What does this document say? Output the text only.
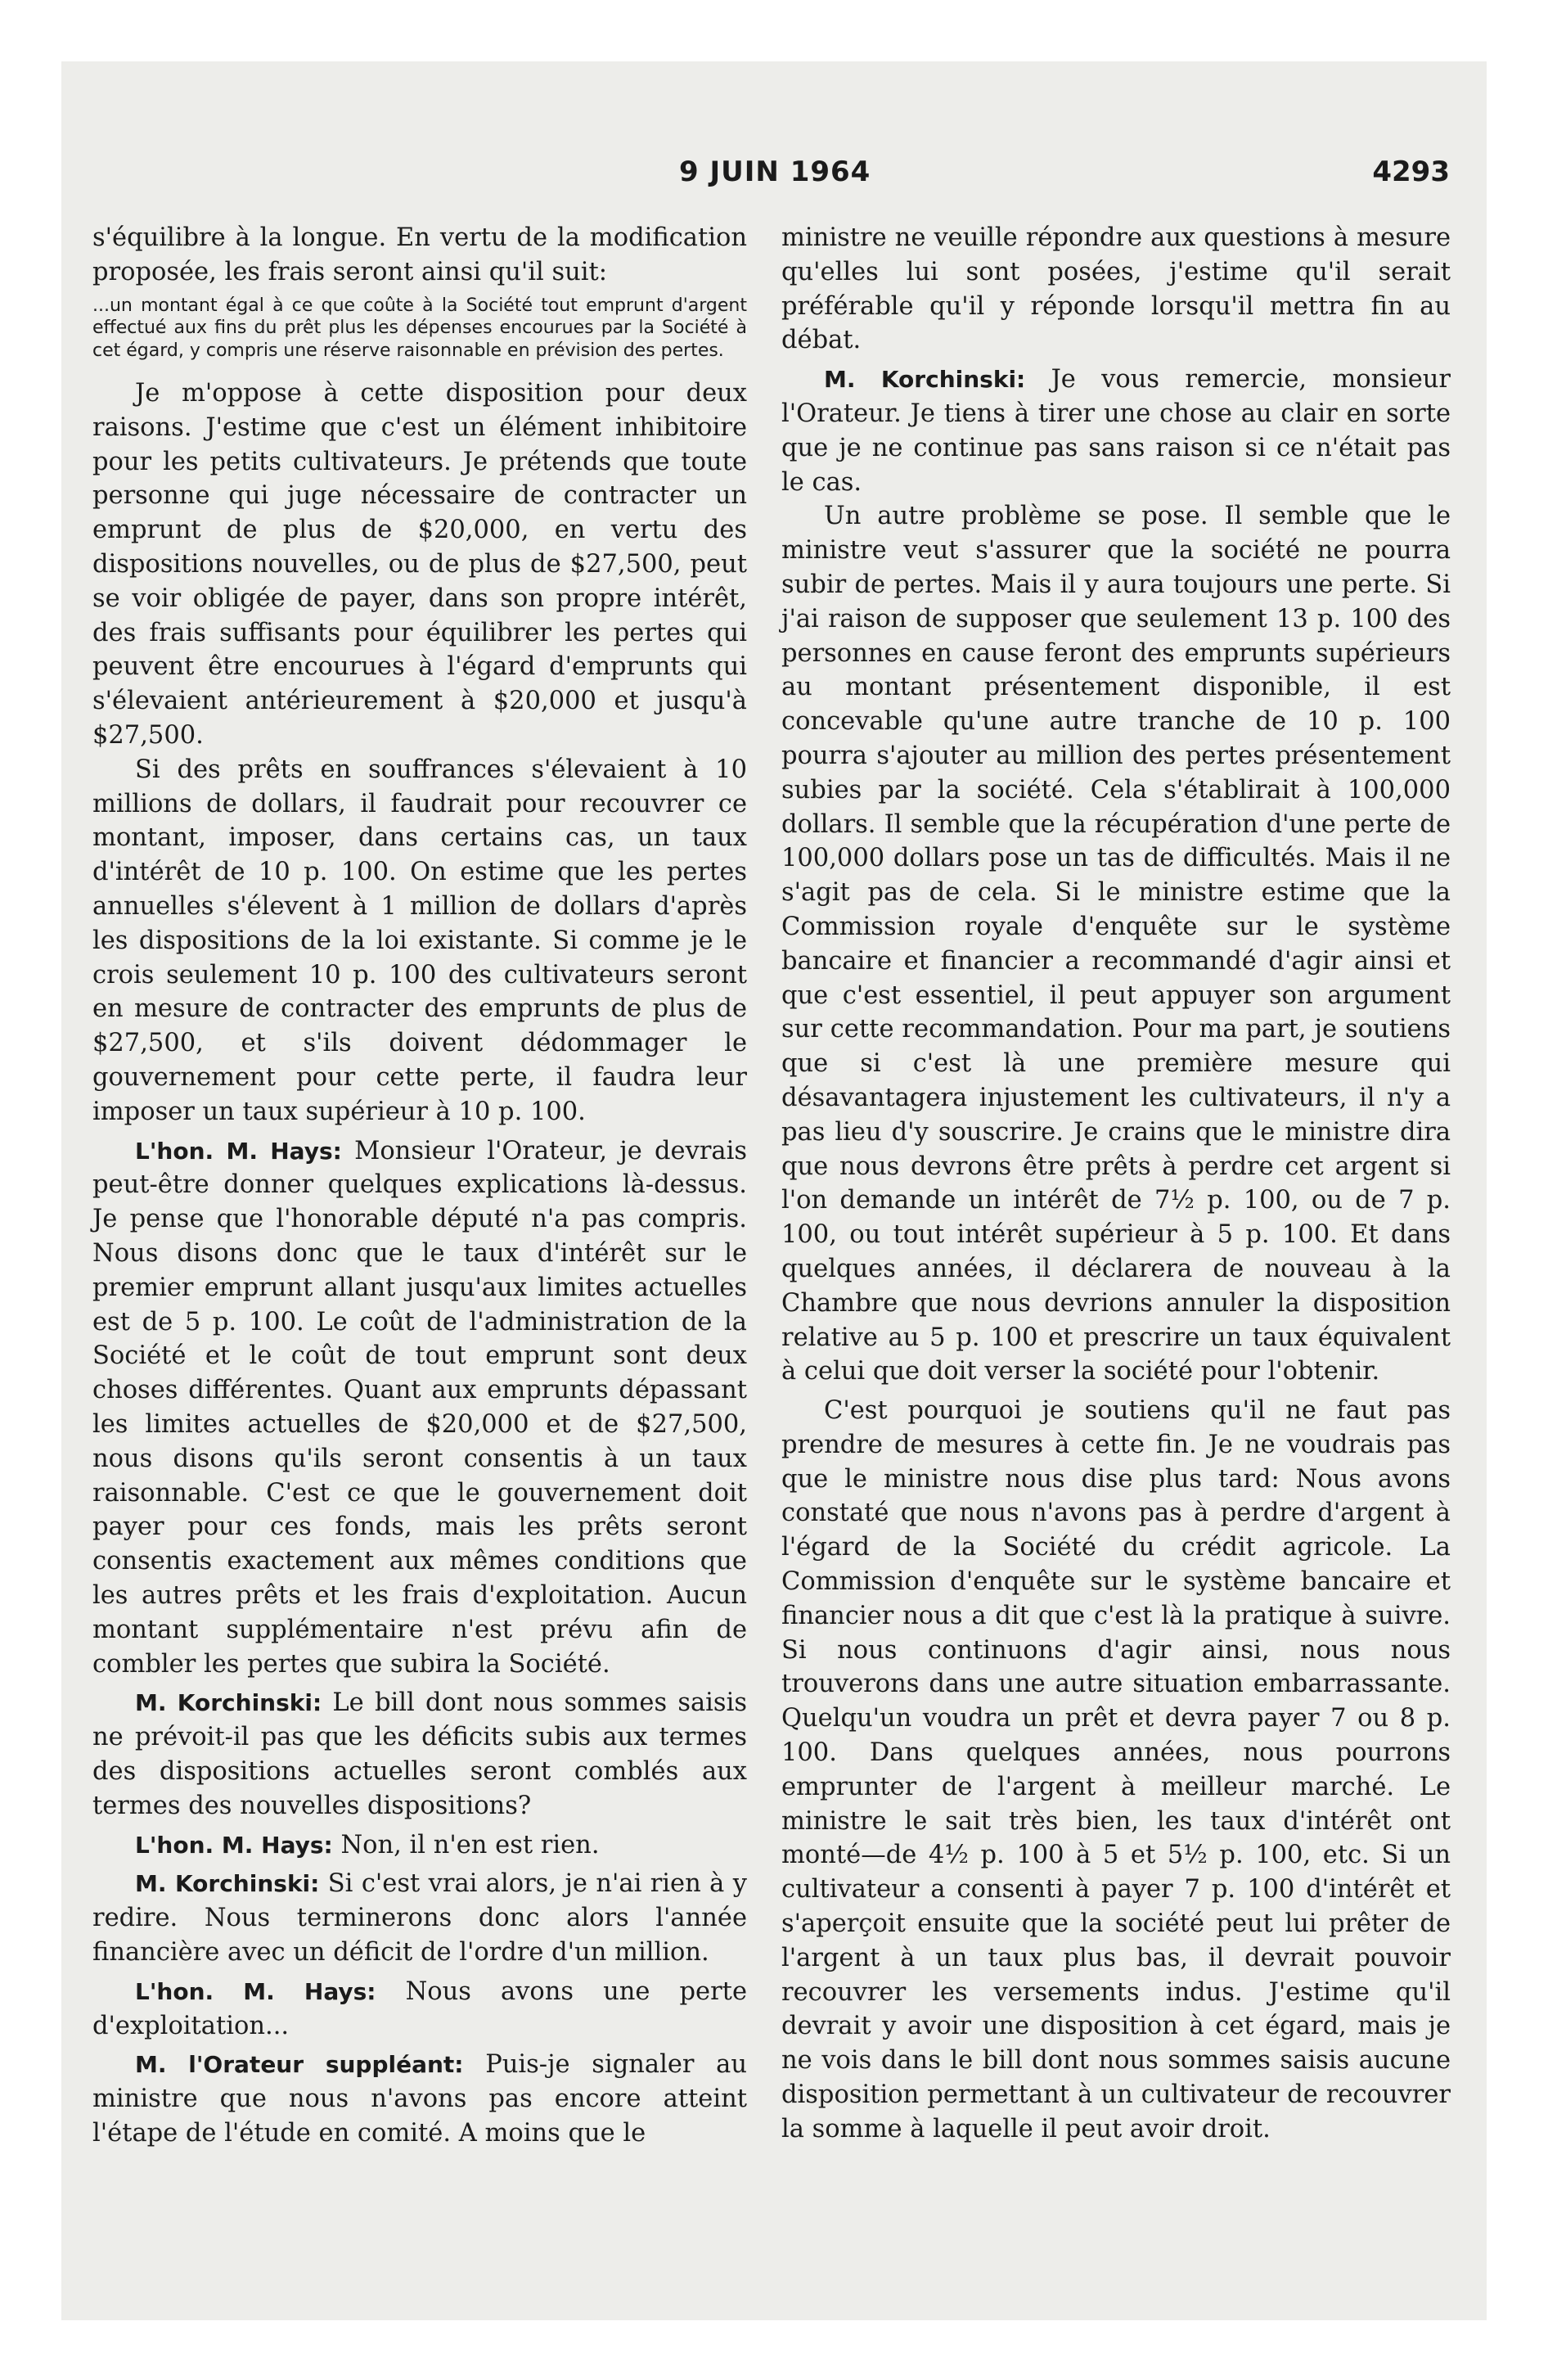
9 JUIN 1964	4293

s'équilibre à la longue. En vertu de la modification proposée, les frais seront ainsi qu'il suit:

...un montant égal à ce que coûte à la Société tout emprunt d'argent effectué aux fins du prêt plus les dépenses encourues par la Société à cet égard, y compris une réserve raisonnable en prévision des pertes.

Je m'oppose à cette disposition pour deux raisons. J'estime que c'est un élément inhibitoire pour les petits cultivateurs. Je prétends que toute personne qui juge nécessaire de contracter un emprunt de plus de $20,000, en vertu des dispositions nouvelles, ou de plus de $27,500, peut se voir obligée de payer, dans son propre intérêt, des frais suffisants pour équilibrer les pertes qui peuvent être encourues à l'égard d'emprunts qui s'élevaient antérieurement à $20,000 et jusqu'à $27,500.

Si des prêts en souffrances s'élevaient à 10 millions de dollars, il faudrait pour recouvrer ce montant, imposer, dans certains cas, un taux d'intérêt de 10 p. 100. On estime que les pertes annuelles s'élevent à 1 million de dollars d'après les dispositions de la loi existante. Si comme je le crois seulement 10 p. 100 des cultivateurs seront en mesure de contracter des emprunts de plus de $27,500, et s'ils doivent dédommager le gouvernement pour cette perte, il faudra leur imposer un taux supérieur à 10 p. 100.

L'hon. M. Hays: Monsieur l'Orateur, je devrais peut-être donner quelques explications là-dessus. Je pense que l'honorable député n'a pas compris. Nous disons donc que le taux d'intérêt sur le premier emprunt allant jusqu'aux limites actuelles est de 5 p. 100. Le coût de l'administration de la Société et le coût de tout emprunt sont deux choses différentes. Quant aux emprunts dépassant les limites actuelles de $20,000 et de $27,500, nous disons qu'ils seront consentis à un taux raisonnable. C'est ce que le gouvernement doit payer pour ces fonds, mais les prêts seront consentis exactement aux mêmes conditions que les autres prêts et les frais d'exploitation. Aucun montant supplémentaire n'est prévu afin de combler les pertes que subira la Société.

M. Korchinski: Le bill dont nous sommes saisis ne prévoit-il pas que les déficits subis aux termes des dispositions actuelles seront comblés aux termes des nouvelles dispositions?

L'hon. M. Hays: Non, il n'en est rien.

M. Korchinski: Si c'est vrai alors, je n'ai rien à y redire. Nous terminerons donc alors l'année financière avec un déficit de l'ordre d'un million.

L'hon. M. Hays: Nous avons une perte d'exploitation...

M. l'Orateur suppléant: Puis-je signaler au ministre que nous n'avons pas encore atteint l'étape de l'étude en comité. A moins que le

ministre ne veuille répondre aux questions à mesure qu'elles lui sont posées, j'estime qu'il serait préférable qu'il y réponde lorsqu'il mettra fin au débat.

M. Korchinski: Je vous remercie, monsieur l'Orateur. Je tiens à tirer une chose au clair en sorte que je ne continue pas sans raison si ce n'était pas le cas.

Un autre problème se pose. Il semble que le ministre veut s'assurer que la société ne pourra subir de pertes. Mais il y aura toujours une perte. Si j'ai raison de supposer que seulement 13 p. 100 des personnes en cause feront des emprunts supérieurs au montant présentement disponible, il est concevable qu'une autre tranche de 10 p. 100 pourra s'ajouter au million des pertes présentement subies par la société. Cela s'établirait à 100,000 dollars. Il semble que la récupération d'une perte de 100,000 dollars pose un tas de difficultés. Mais il ne s'agit pas de cela. Si le ministre estime que la Commission royale d'enquête sur le système bancaire et financier a recommandé d'agir ainsi et que c'est essentiel, il peut appuyer son argument sur cette recommandation. Pour ma part, je soutiens que si c'est là une première mesure qui désavantagera injustement les cultivateurs, il n'y a pas lieu d'y souscrire. Je crains que le ministre dira que nous devrons être prêts à perdre cet argent si l'on demande un intérêt de 7½ p. 100, ou de 7 p. 100, ou tout intérêt supérieur à 5 p. 100. Et dans quelques années, il déclarera de nouveau à la Chambre que nous devrions annuler la disposition relative au 5 p. 100 et prescrire un taux équivalent à celui que doit verser la société pour l'obtenir.

C'est pourquoi je soutiens qu'il ne faut pas prendre de mesures à cette fin. Je ne voudrais pas que le ministre nous dise plus tard: Nous avons constaté que nous n'avons pas à perdre d'argent à l'égard de la Société du crédit agricole. La Commission d'enquête sur le système bancaire et financier nous a dit que c'est là la pratique à suivre. Si nous continuons d'agir ainsi, nous nous trouverons dans une autre situation embarrassante. Quelqu'un voudra un prêt et devra payer 7 ou 8 p. 100. Dans quelques années, nous pourrons emprunter de l'argent à meilleur marché. Le ministre le sait très bien, les taux d'intérêt ont monté—de 4½ p. 100 à 5 et 5½ p. 100, etc. Si un cultivateur a consenti à payer 7 p. 100 d'intérêt et s'aperçoit ensuite que la société peut lui prêter de l'argent à un taux plus bas, il devrait pouvoir recouvrer les versements indus. J'estime qu'il devrait y avoir une disposition à cet égard, mais je ne vois dans le bill dont nous sommes saisis aucune disposition permettant à un cultivateur de recouvrer la somme à laquelle il peut avoir droit.
